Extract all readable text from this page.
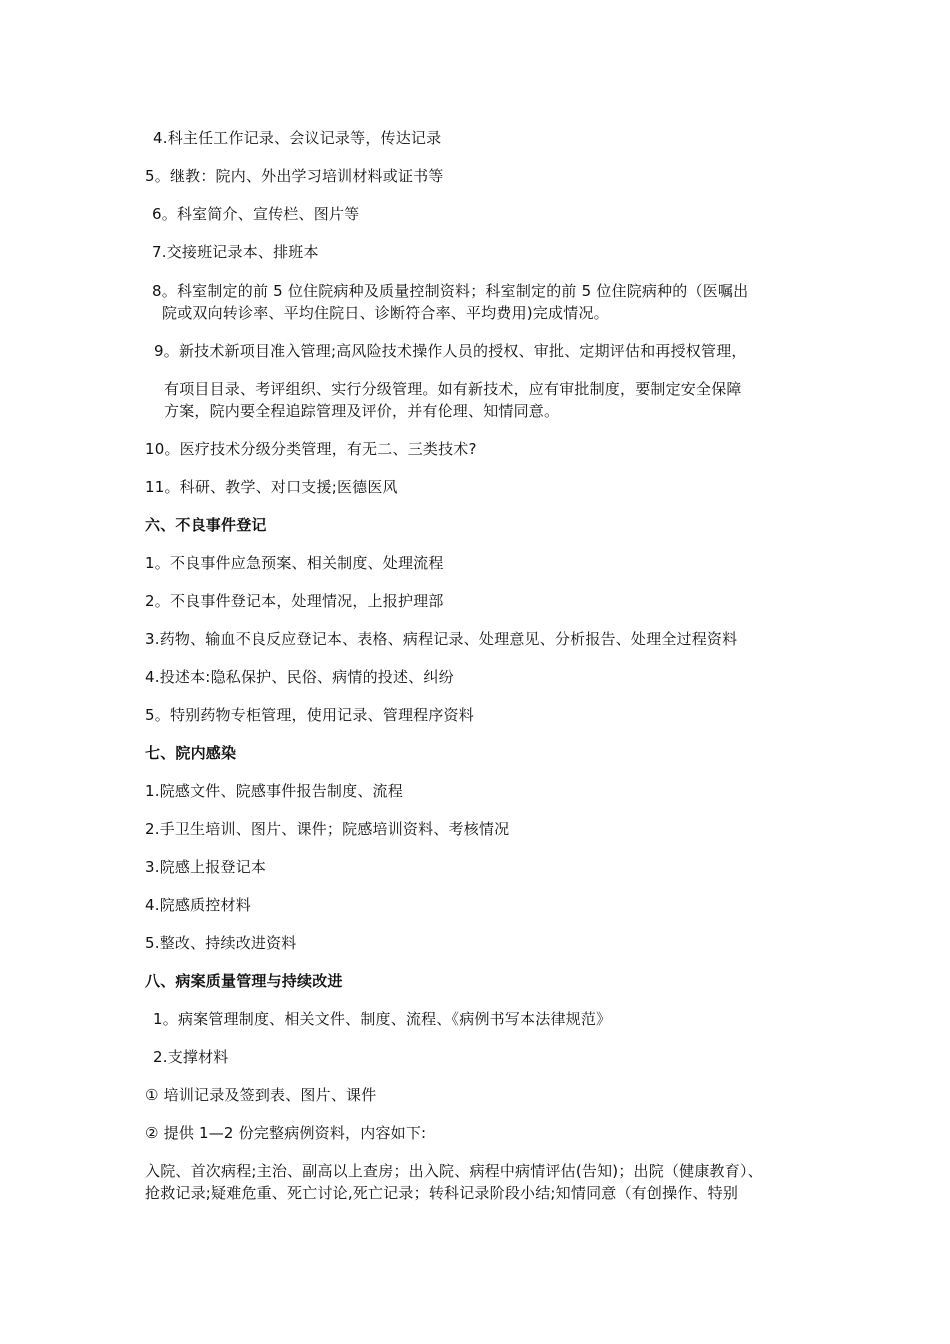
4.科主任工作记录、会议记录等，传达记录
5。继教：院内、外出学习培训材料或证书等
6。科室简介、宣传栏、图片等
7.交接班记录本、排班本
8。科室制定的前 5 位住院病种及质量控制资料；科室制定的前 5 位住院病种的（医嘱出
院或双向转诊率、平均住院日、诊断符合率、平均费用)完成情况。
9。新技术新项目准入管理;高风险技术操作人员的授权、审批、定期评估和再授权管理，
有项目目录、考评组织、实行分级管理。如有新技术，应有审批制度，要制定安全保障
方案，院内要全程追踪管理及评价，并有伦理、知情同意。
10。医疗技术分级分类管理，有无二、三类技术?
11。科研、教学、对口支援;医德医风
六、不良事件登记
1。不良事件应急预案、相关制度、处理流程
2。不良事件登记本，处理情况，上报护理部
3.药物、输血不良反应登记本、表格、病程记录、处理意见、分析报告、处理全过程资料
4.投述本:隐私保护、民俗、病情的投述、纠纷
5。特别药物专柜管理，使用记录、管理程序资料
七、院内感染
1.院感文件、院感事件报告制度、流程
2.手卫生培训、图片、课件；院感培训资料、考核情况
3.院感上报登记本
4.院感质控材料
5.整改、持续改进资料
八、病案质量管理与持续改进
1。病案管理制度、相关文件、制度、流程、《病例书写本法律规范》
2.支撑材料
① 培训记录及签到表、图片、课件
② 提供 1—2 份完整病例资料，内容如下:
入院、首次病程;主治、副高以上查房；出入院、病程中病情评估(告知)；出院（健康教育）、
抢救记录;疑难危重、死亡讨论,死亡记录；转科记录阶段小结;知情同意（有创操作、特别
